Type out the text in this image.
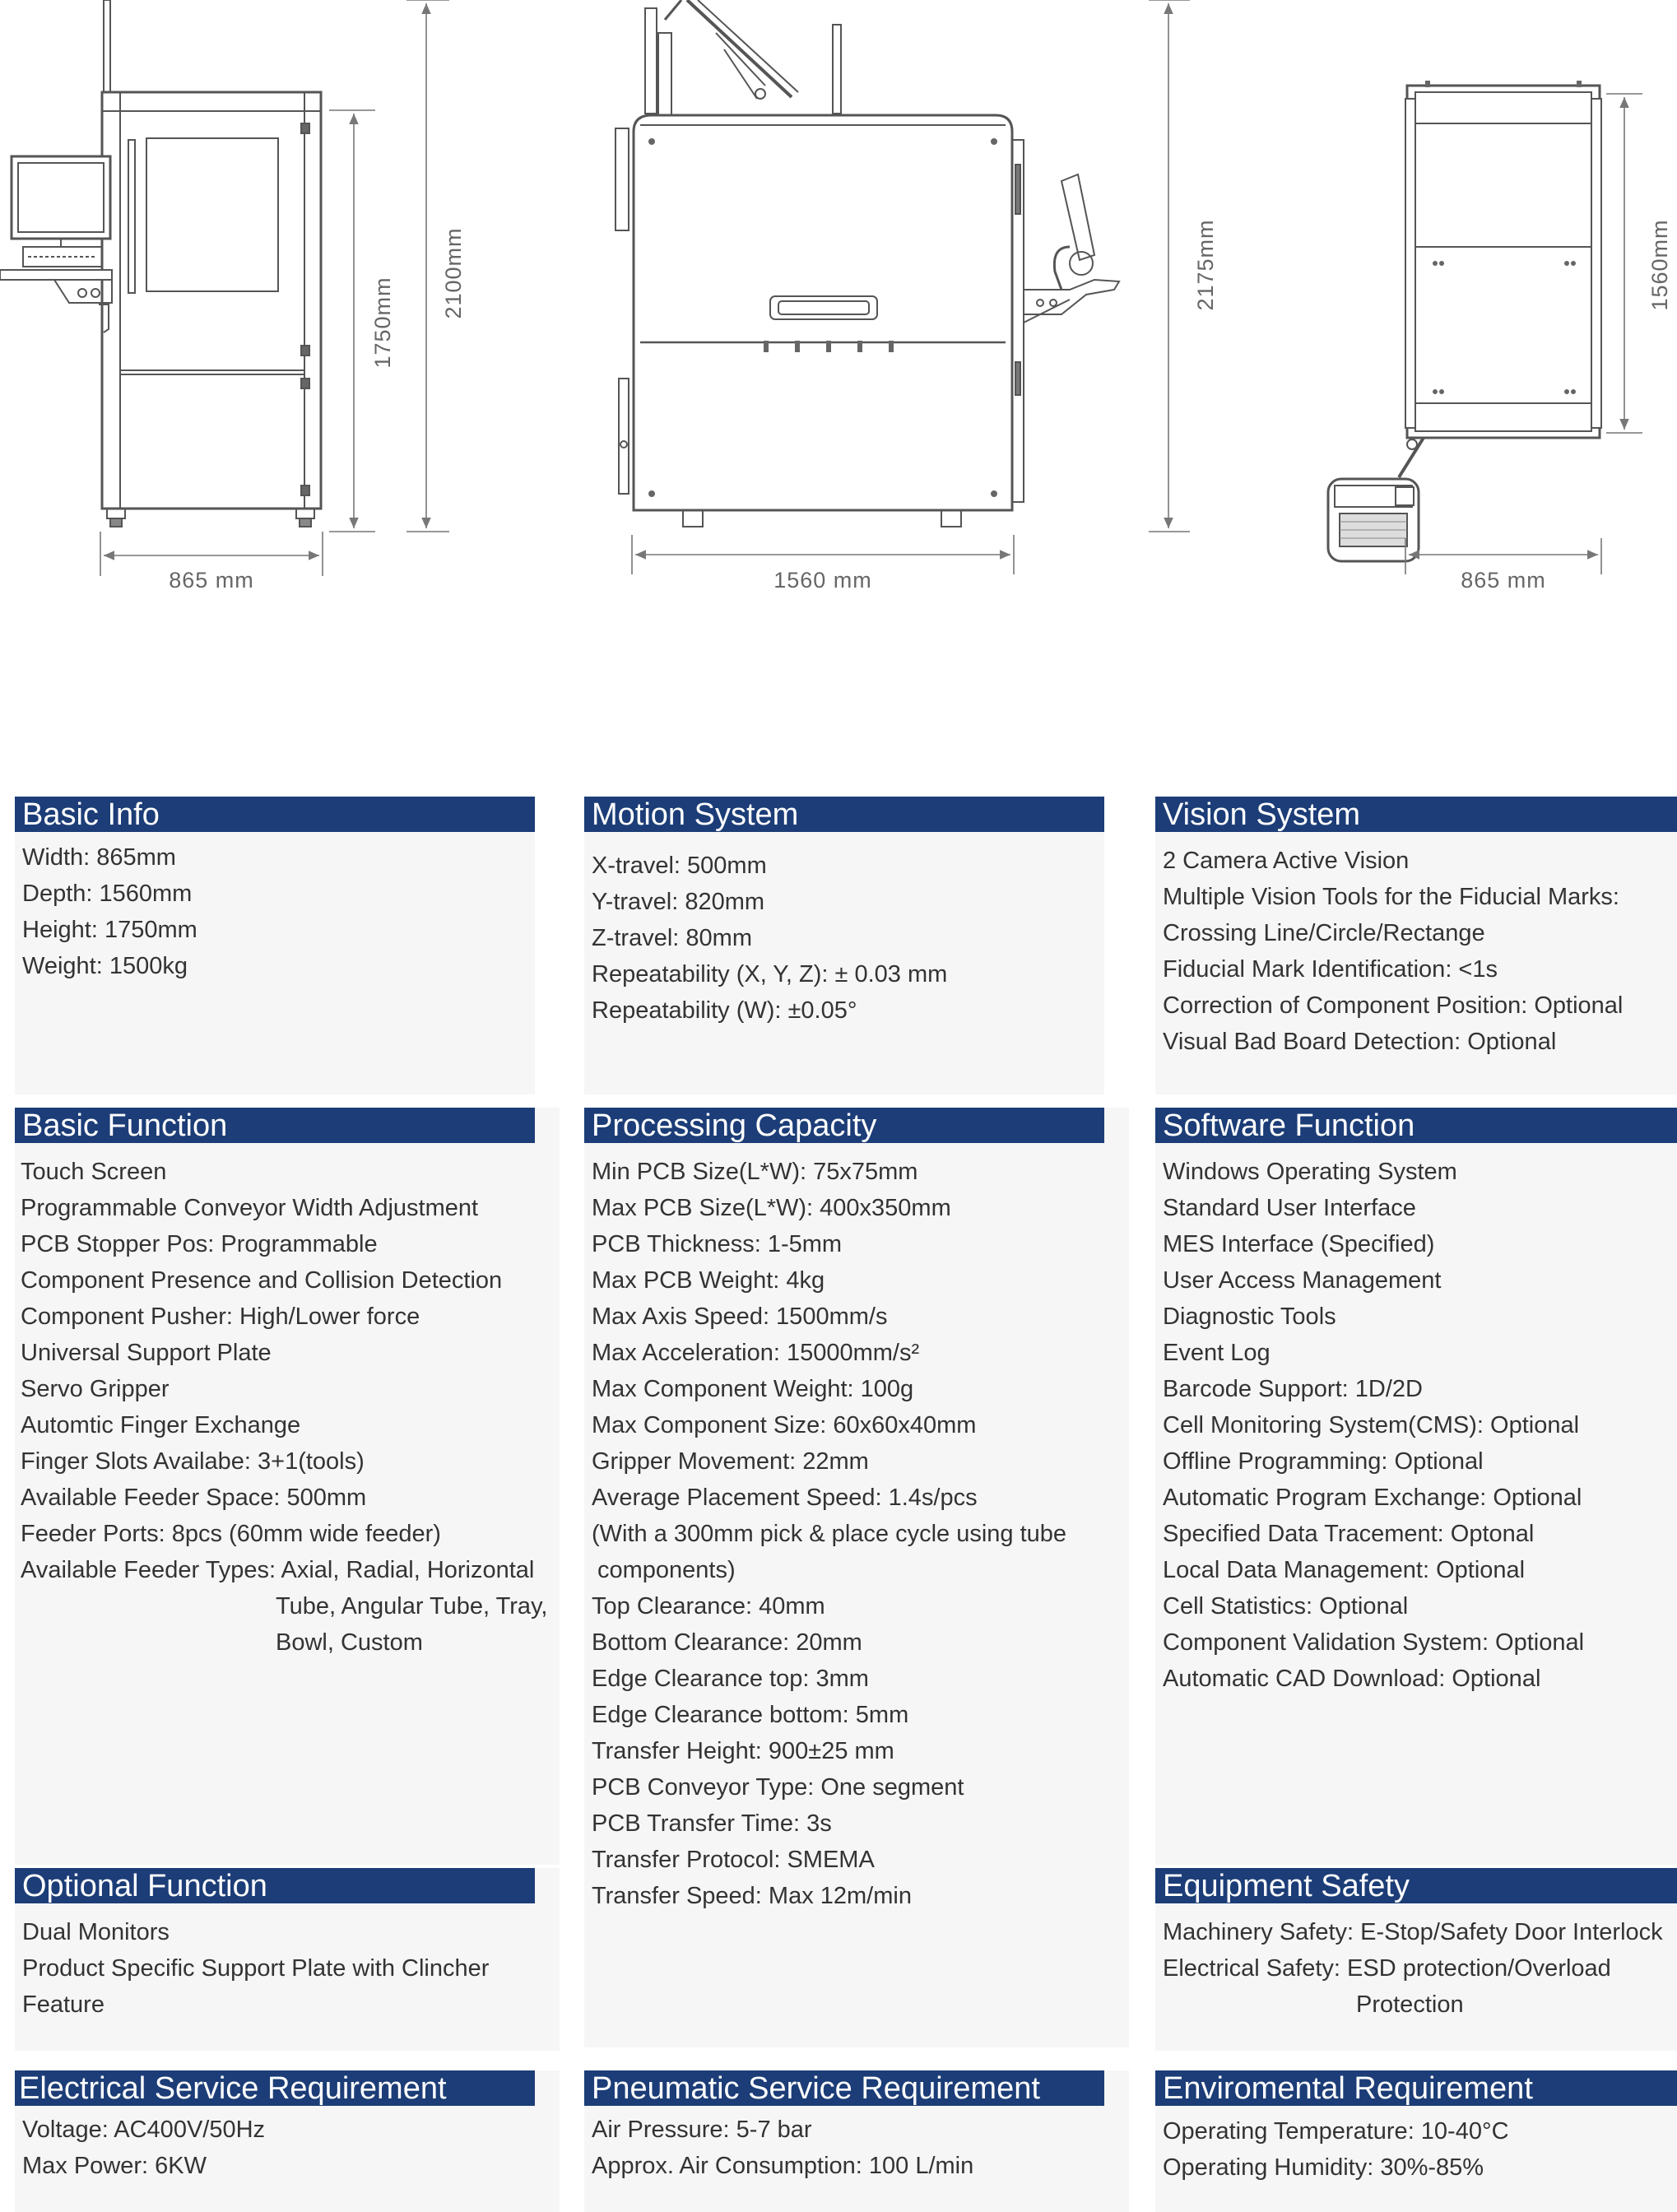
865 mm
1750mm
2100mm
1560 mm
2175mm
865 mm
1560mm
Basic Info
Width: 865mm
Depth: 1560mm
Height: 1750mm
Weight: 1500kg
Motion System
X-travel: 500mm
Y-travel: 820mm
Z-travel: 80mm
Repeatability (X, Y, Z): ± 0.03 mm
Repeatability (W): ±0.05°
Vision System
2 Camera Active Vision
Multiple Vision Tools for the Fiducial Marks:
Crossing Line/Circle/Rectange
Fiducial Mark Identification: <1s
Correction of Component Position: Optional
Visual Bad Board Detection: Optional
Basic Function
Touch Screen
Programmable Conveyor Width Adjustment
PCB Stopper Pos: Programmable
Component Presence and Collision Detection
Component Pusher: High/Lower force
Universal Support Plate
Servo Gripper
Automtic Finger Exchange
Finger Slots Availabe: 3+1(tools)
Available Feeder Space: 500mm
Feeder Ports: 8pcs (60mm wide feeder)
Available Feeder Types: Axial, Radial, Horizontal
Tube, Angular Tube, Tray,
Bowl, Custom
Processing Capacity
Min PCB Size(L*W): 75x75mm
Max PCB Size(L*W): 400x350mm
PCB Thickness: 1-5mm
Max PCB Weight: 4kg
Max Axis Speed: 1500mm/s
Max Acceleration: 15000mm/s²
Max Component Weight: 100g
Max Component Size: 60x60x40mm
Gripper Movement: 22mm
Average Placement Speed: 1.4s/pcs
(With a 300mm pick & place cycle using tube
components)
Top Clearance: 40mm
Bottom Clearance: 20mm
Edge Clearance top: 3mm
Edge Clearance bottom: 5mm
Transfer Height: 900±25 mm
PCB Conveyor Type: One segment
PCB Transfer Time: 3s
Transfer Protocol: SMEMA
Transfer Speed: Max 12m/min
Software Function
Windows Operating System
Standard User Interface
MES Interface (Specified)
User Access Management
Diagnostic Tools
Event Log
Barcode Support: 1D/2D
Cell Monitoring System(CMS): Optional
Offline Programming: Optional
Automatic Program Exchange: Optional
Specified Data Tracement: Optonal
Local Data Management: Optional
Cell Statistics: Optional
Component Validation System: Optional
Automatic CAD Download: Optional
Optional Function
Dual Monitors
Product Specific Support Plate with Clincher
Feature
Equipment Safety
Machinery Safety: E-Stop/Safety Door Interlock
Electrical Safety: ESD protection/Overload
Protection
Electrical Service Requirement
Voltage: AC400V/50Hz
Max Power: 6KW
Pneumatic Service Requirement
Air Pressure: 5-7 bar
Approx. Air Consumption: 100 L/min
Enviromental Requirement
Operating Temperature: 10-40°C
Operating Humidity: 30%-85%
